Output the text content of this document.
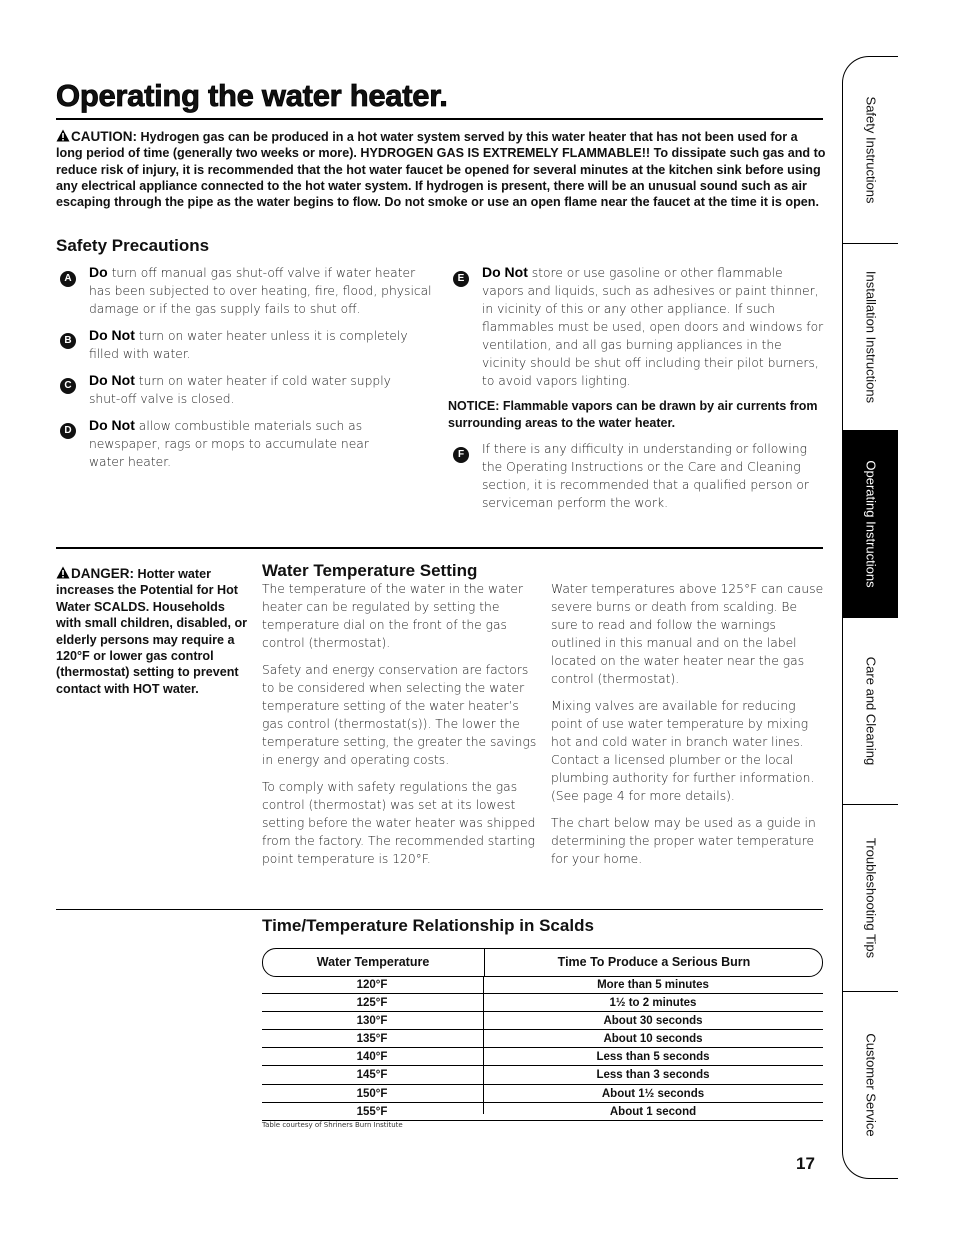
Operating the water heater.
CAUTION: Hydrogen gas can be produced in a hot water system served by this water heater that has not been used for a long period of time (generally two weeks or more). HYDROGEN GAS IS EXTREMELY FLAMMABLE!! To dissipate such gas and to reduce risk of injury, it is recommended that the hot water faucet be opened for several minutes at the kitchen sink before using any electrical appliance connected to the hot water system. If hydrogen is present, there will be an unusual sound such as air escaping through the pipe as the water begins to flow. Do not smoke or use an open flame near the faucet at the time it is open.
Safety Precautions
A	Do turn off manual gas shut-off valve if water heater has been subjected to over heating, fire, flood, physical damage or if the gas supply fails to shut off.
B	Do Not turn on water heater unless it is completely filled with water.
C	Do Not turn on water heater if cold water supply shut-off valve is closed.
D	Do Not allow combustible materials such as newspaper, rags or mops to accumulate near water heater.
E	Do Not store or use gasoline or other flammable vapors and liquids, such as adhesives or paint thinner, in vicinity of this or any other appliance. If such flammables must be used, open doors and windows for ventilation, and all gas burning appliances in the vicinity should be shut off including their pilot burners, to avoid vapors lighting.
NOTICE: Flammable vapors can be drawn by air currents from surrounding areas to the water heater.
F	If there is any difficulty in understanding or following the Operating Instructions or the Care and Cleaning section, it is recommended that a qualified person or serviceman perform the work.
DANGER: Hotter water increases the Potential for Hot Water SCALDS. Households with small children, disabled, or elderly persons may require a 120°F or lower gas control (thermostat) setting to prevent contact with HOT water.
Water Temperature Setting

The temperature of the water in the water heater can be regulated by setting the temperature dial on the front of the gas control (thermostat).

Safety and energy conservation are factors to be considered when selecting the water temperature setting of the water heater’s gas control (thermostat(s)). The lower the temperature setting, the greater the savings in energy and operating costs.

To comply with safety regulations the gas control (thermostat) was set at its lowest setting before the water heater was shipped from the factory. The recommended starting point temperature is 120°F.

Water temperatures above 125°F can cause severe burns or death from scalding. Be sure to read and follow the warnings outlined in this manual and on the label located on the water heater near the gas control (thermostat).

Mixing valves are available for reducing point of use water temperature by mixing hot and cold water in branch water lines. Contact a licensed plumber or the local plumbing authority for further information. (See page 4 for more details).

The chart below may be used as a guide in determining the proper water temperature for your home.

Time/Temperature Relationship in Scalds
Water Temperature	Time To Produce a Serious Burn
120°F	More than 5 minutes
125°F	1½ to 2 minutes
130°F	About 30 seconds
135°F	About 10 seconds
140°F	Less than 5 seconds
145°F	Less than 3 seconds
150°F	About 1½ seconds
155°F	About 1 second
Table courtesy of Shriners Burn Institute
17
Safety Instructions
Installation Instructions
Operating Instructions
Care and Cleaning
Troubleshooting Tips
Customer Service
